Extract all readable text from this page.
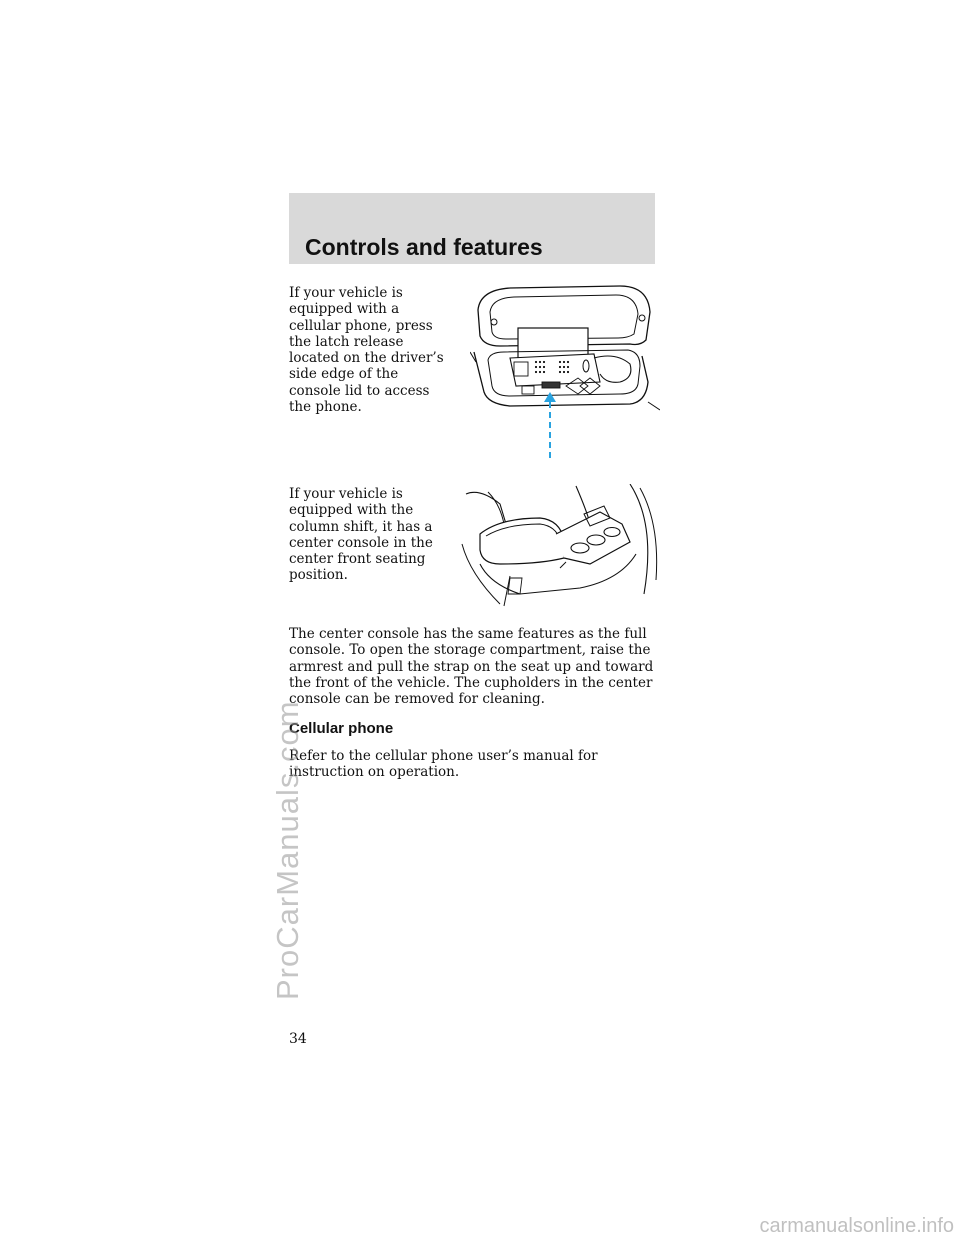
Controls and features

If your vehicle is equipped with a cellular phone, press the latch release located on the driver’s side edge of the console lid to access the phone.

If your vehicle is equipped with the column shift, it has a center console in the center front seating position.

The center console has the same features as the full console. To open the storage compartment, raise the armrest and pull the strap on the seat up and toward the front of the vehicle. The cupholders in the center console can be removed for cleaning.

Cellular phone

Refer to the cellular phone user’s manual for instruction on operation.

34
ProCarManuals.com
carmanualsonline.info
